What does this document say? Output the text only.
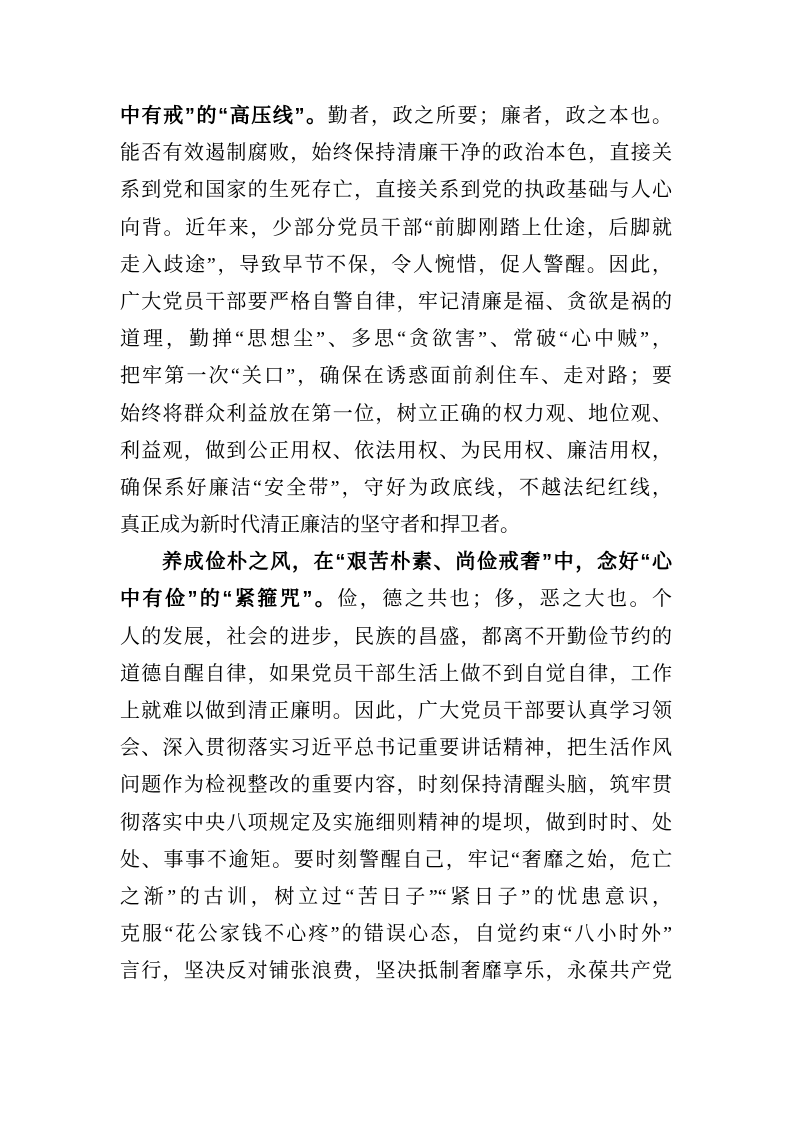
中有戒”的“高压线”。勤者，政之所要；廉者，政之本也。
能否有效遏制腐败，始终保持清廉干净的政治本色，直接关
系到党和国家的生死存亡，直接关系到党的执政基础与人心
向背。近年来，少部分党员干部“前脚刚踏上仕途，后脚就
走入歧途”，导致早节不保，令人惋惜，促人警醒。因此，
广大党员干部要严格自警自律，牢记清廉是福、贪欲是祸的
道理，勤掸“思想尘”、多思“贪欲害”、常破“心中贼”，
把牢第一次“关口”，确保在诱惑面前刹住车、走对路；要
始终将群众利益放在第一位，树立正确的权力观、地位观、
利益观，做到公正用权、依法用权、为民用权、廉洁用权，
确保系好廉洁“安全带”，守好为政底线，不越法纪红线，
真正成为新时代清正廉洁的坚守者和捍卫者。
养成俭朴之风，在“艰苦朴素、尚俭戒奢”中，念好“心
中有俭”的“紧箍咒”。俭，德之共也；侈，恶之大也。个
人的发展，社会的进步，民族的昌盛，都离不开勤俭节约的
道德自醒自律，如果党员干部生活上做不到自觉自律，工作
上就难以做到清正廉明。因此，广大党员干部要认真学习领
会、深入贯彻落实习近平总书记重要讲话精神，把生活作风
问题作为检视整改的重要内容，时刻保持清醒头脑，筑牢贯
彻落实中央八项规定及实施细则精神的堤坝，做到时时、处
处、事事不逾矩。要时刻警醒自己，牢记“奢靡之始，危亡
之渐”的古训，树立过“苦日子”“紧日子”的忧患意识，
克服“花公家钱不心疼”的错误心态，自觉约束“八小时外”
言行，坚决反对铺张浪费，坚决抵制奢靡享乐，永葆共产党
